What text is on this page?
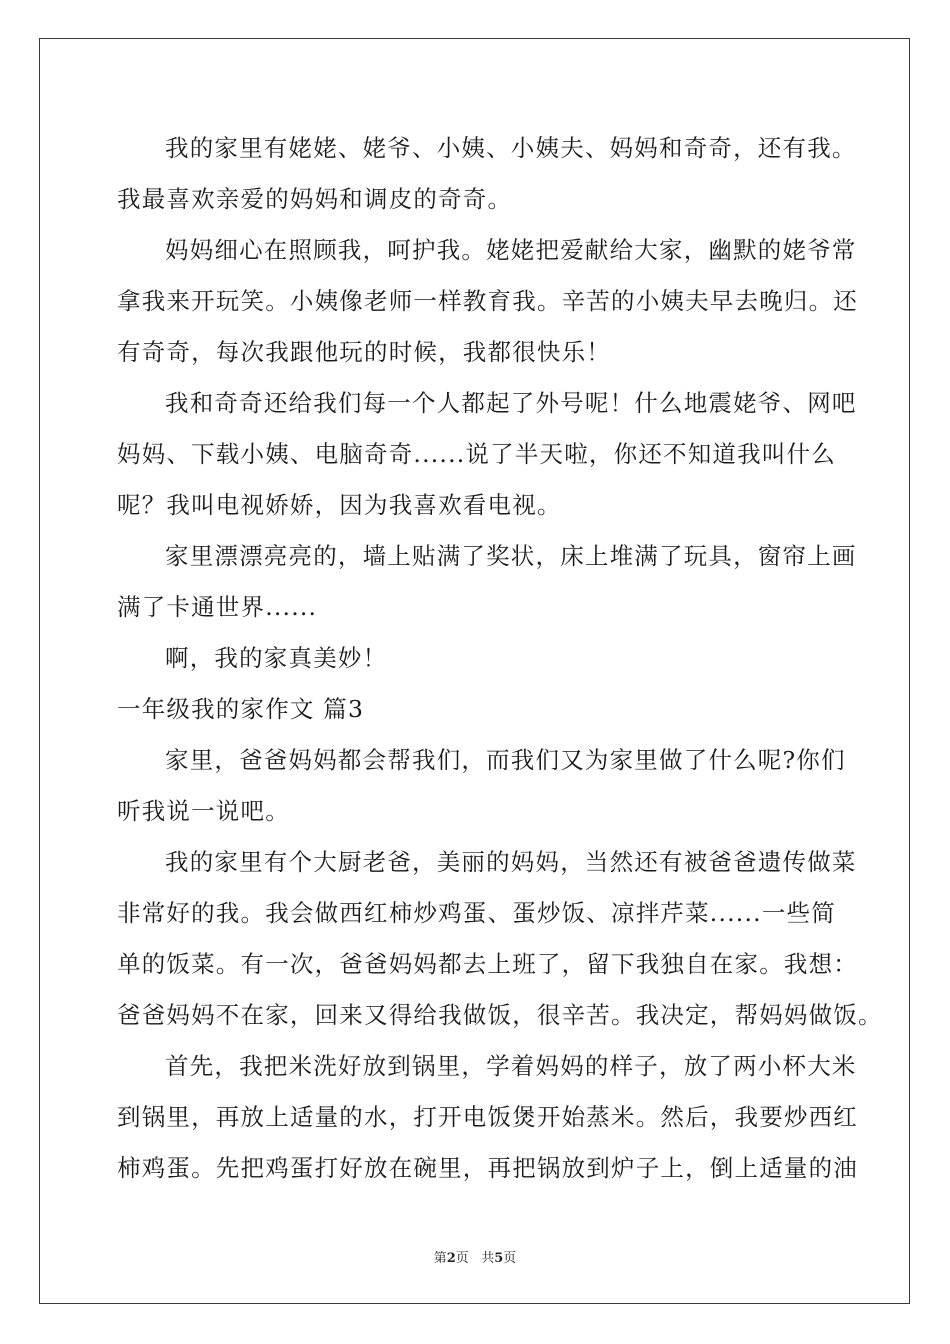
我的家里有姥姥、姥爷、小姨、小姨夫、妈妈和奇奇，还有我。
我最喜欢亲爱的妈妈和调皮的奇奇。
妈妈细心在照顾我，呵护我。姥姥把爱献给大家，幽默的姥爷常
拿我来开玩笑。小姨像老师一样教育我。辛苦的小姨夫早去晚归。还
有奇奇，每次我跟他玩的时候，我都很快乐！
我和奇奇还给我们每一个人都起了外号呢！什么地震姥爷、网吧
妈妈、下载小姨、电脑奇奇......说了半天啦，你还不知道我叫什么
呢？我叫电视娇娇，因为我喜欢看电视。
家里漂漂亮亮的，墙上贴满了奖状，床上堆满了玩具，窗帘上画
满了卡通世界......
啊，我的家真美妙！
一年级我的家作文 篇3
家里，爸爸妈妈都会帮我们，而我们又为家里做了什么呢?你们
听我说一说吧。
我的家里有个大厨老爸，美丽的妈妈，当然还有被爸爸遗传做菜
非常好的我。我会做西红柿炒鸡蛋、蛋炒饭、凉拌芹菜......一些简
单的饭菜。有一次，爸爸妈妈都去上班了，留下我独自在家。我想：
爸爸妈妈不在家，回来又得给我做饭，很辛苦。我决定，帮妈妈做饭。
首先，我把米洗好放到锅里，学着妈妈的样子，放了两小杯大米
到锅里，再放上适量的水，打开电饭煲开始蒸米。然后，我要炒西红
柿鸡蛋。先把鸡蛋打好放在碗里，再把锅放到炉子上，倒上适量的油
第2页 共5页
